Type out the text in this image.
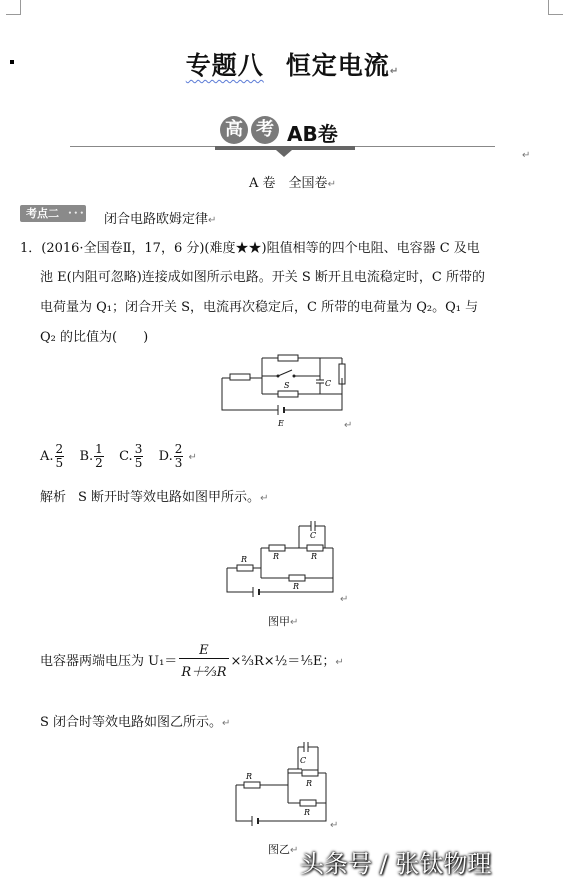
专题八 恒定电流↵
高 考 AB卷
↵
A 卷　全国卷↵
考点二 • • •	闭合电路欧姆定律↵
1．(2016·全国卷Ⅱ，17，6 分)(难度★★)阻值相等的四个电阻、电容器 C 及电
池 E(内阻可忽略)连接成如图所示电路。开关 S 断开且电流稳定时，C 所带的
电荷量为 Q₁；闭合开关 S，电流再次稳定后，C 所带的电荷量为 Q₂。Q₁ 与
Q₂ 的比值为(　　)
S	C
E	↵
A. $\frac{2}{5} B$. $\frac{1}{2} C$. $\frac{3}{5} D$. $\frac{2}{3}$ ↵
解析 S 断开时等效电路如图甲所示。↵
R	R
C
R
R
↵
图甲↵
电容器两端电压为 $U_1= \frac{E}{\text{R＋⅔R}}$ ×⅔R×½＝⅕E；↵
S 闭合时等效电路如图乙所示。↵
R
C
R
R
↵
图乙↵ 头条号 / 张钛物理
